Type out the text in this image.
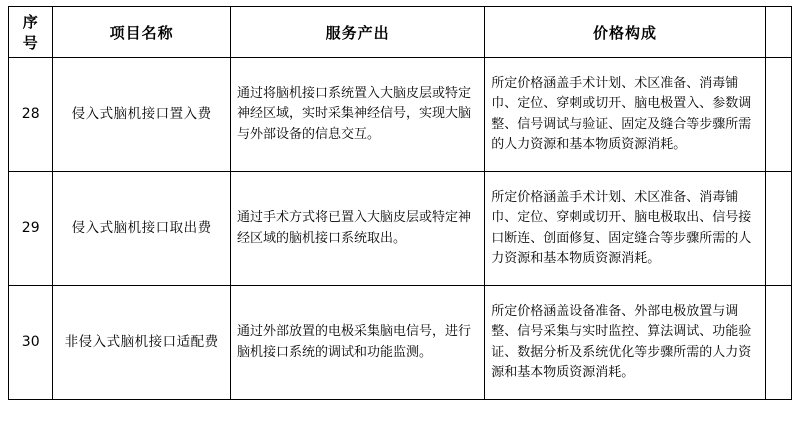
序号	项目名称	服务产出	价格构成	
28	侵入式脑机接口置入费	通过将脑机接口系统置入大脑皮层或特定神经区域，实时采集神经信号，实现大脑与外部设备的信息交互。	所定价格涵盖手术计划、术区准备、消毒铺巾、定位、穿刺或切开、脑电极置入、参数调整、信号调试与验证、固定及缝合等步骤所需的人力资源和基本物质资源消耗。	
29	侵入式脑机接口取出费	通过手术方式将已置入大脑皮层或特定神经区域的脑机接口系统取出。	所定价格涵盖手术计划、术区准备、消毒铺巾、定位、穿刺或切开、脑电极取出、信号接口断连、创面修复、固定缝合等步骤所需的人力资源和基本物质资源消耗。	
30	非侵入式脑机接口适配费	通过外部放置的电极采集脑电信号，进行脑机接口系统的调试和功能监测。	所定价格涵盖设备准备、外部电极放置与调整、信号采集与实时监控、算法调试、功能验证、数据分析及系统优化等步骤所需的人力资源和基本物质资源消耗。	
